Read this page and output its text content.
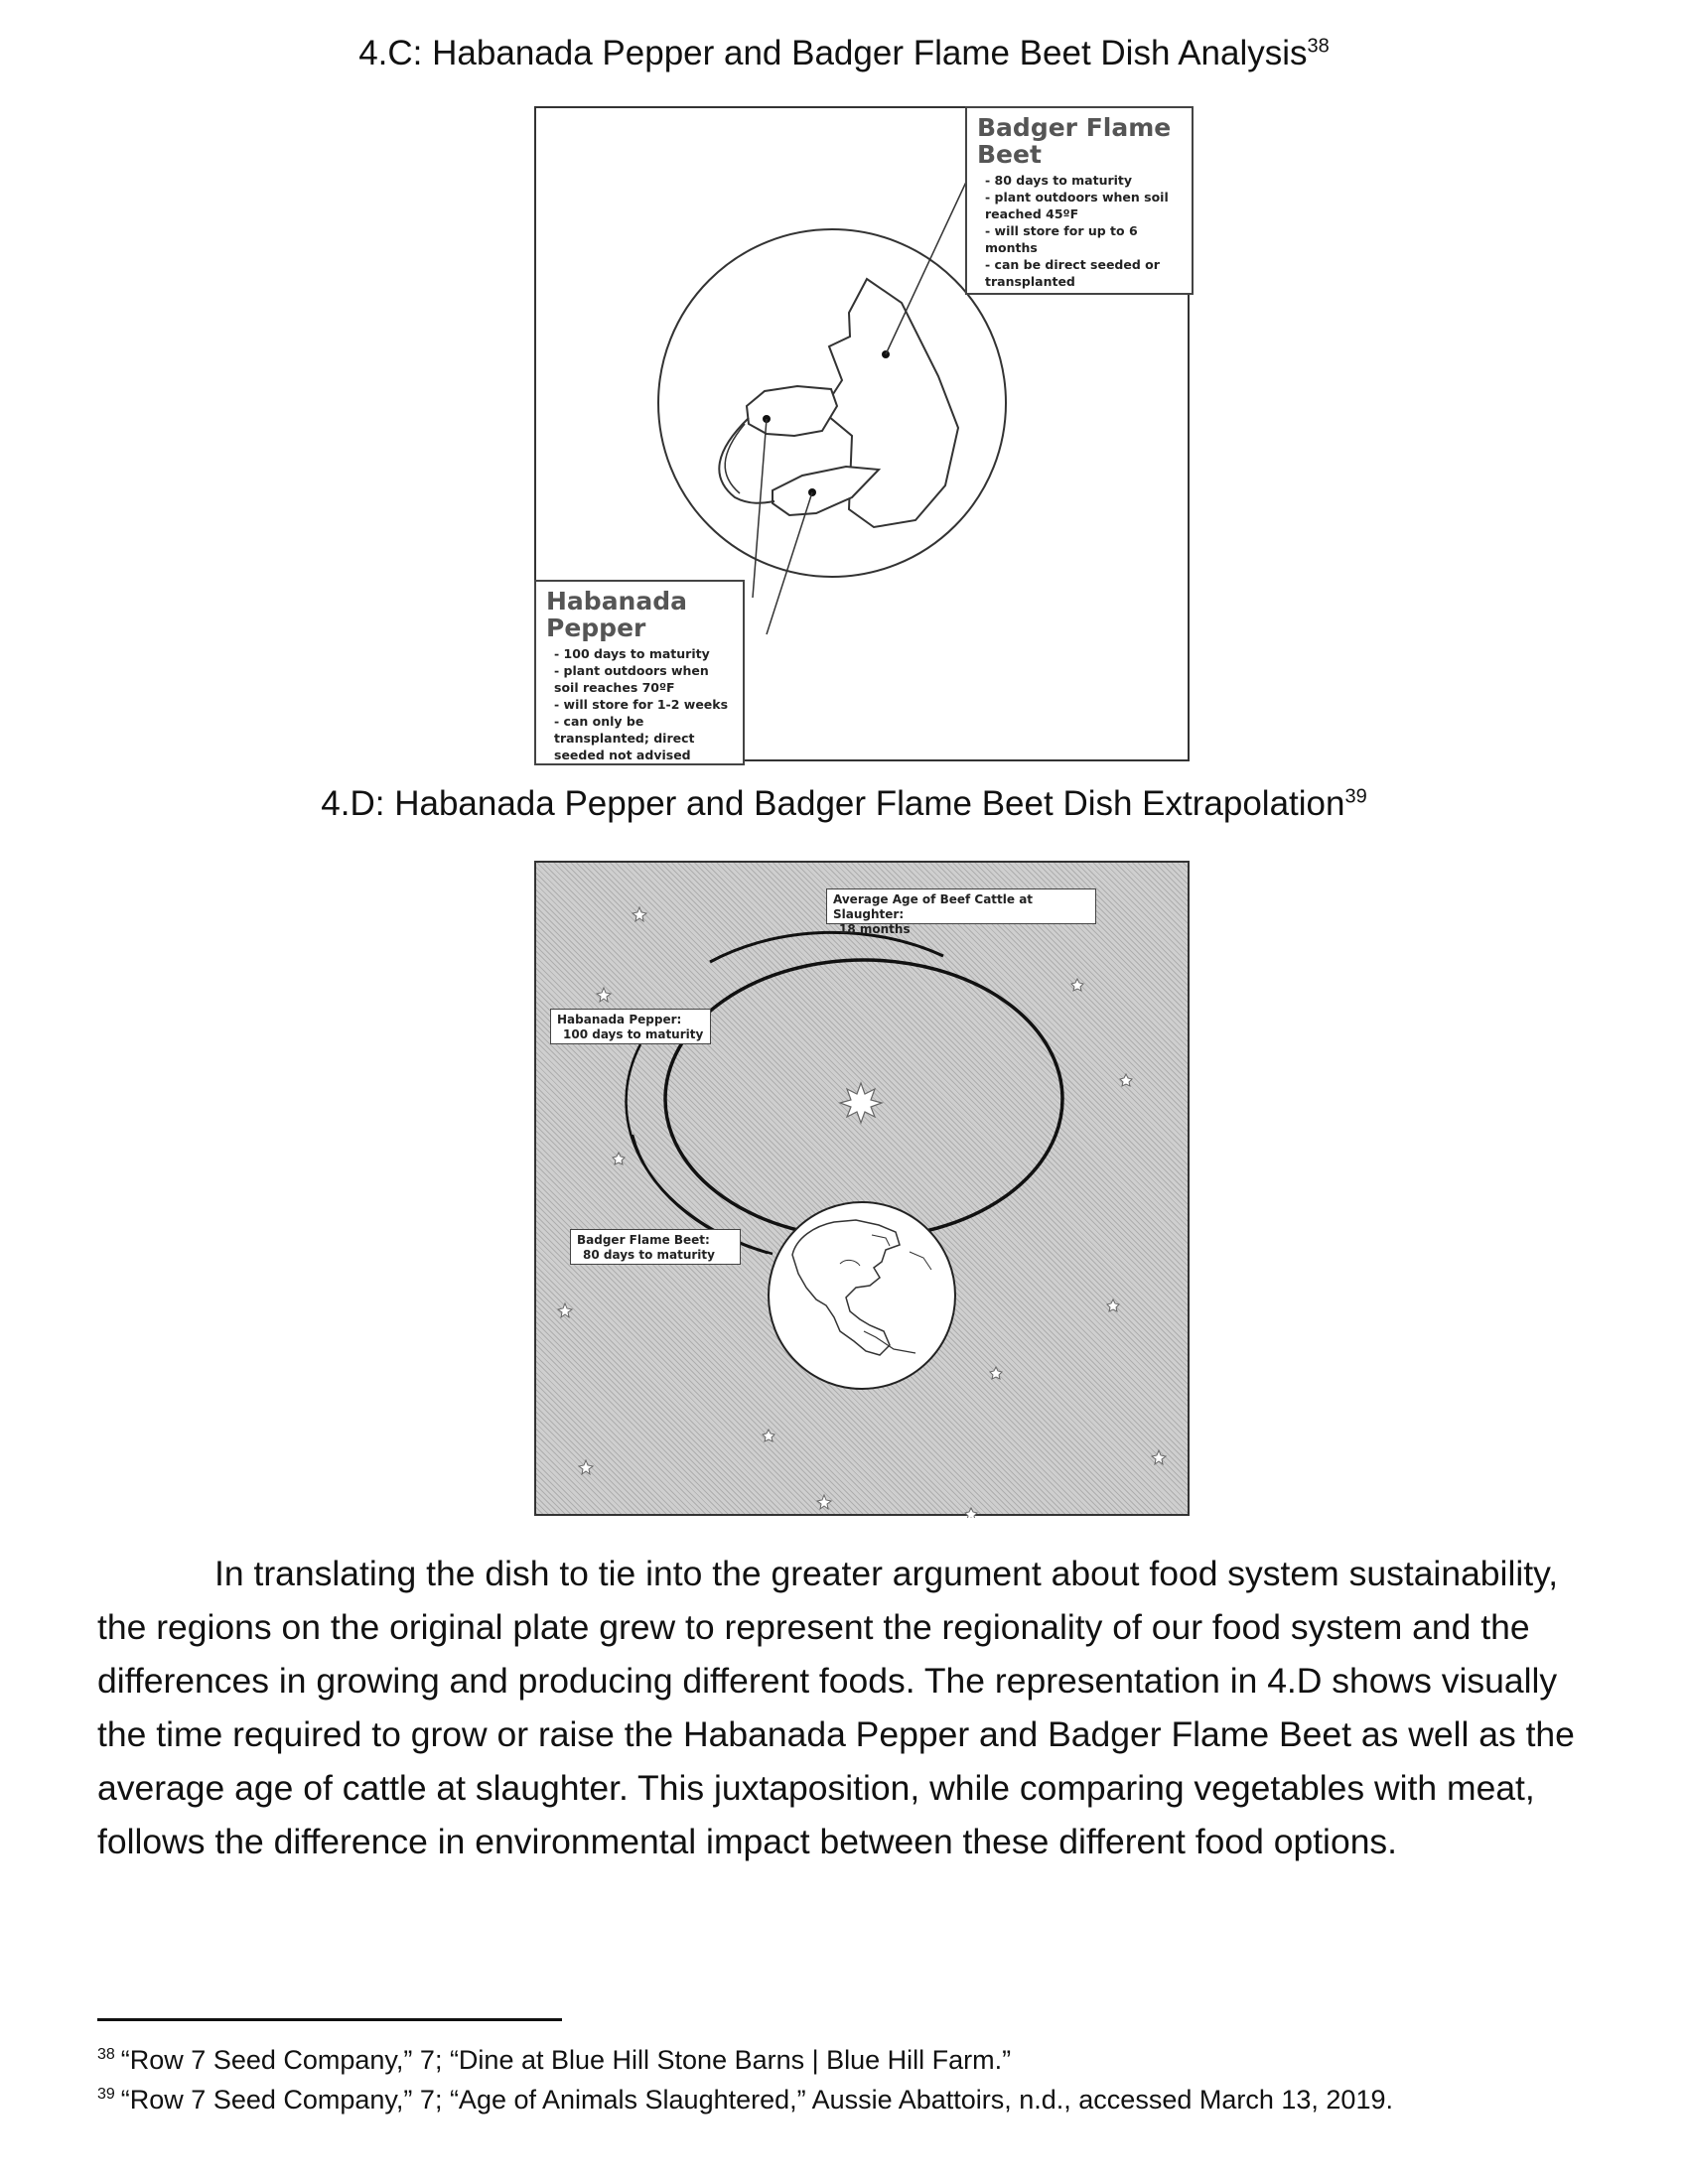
4.C: Habanada Pepper and Badger Flame Beet Dish Analysis$^{38}$
Badger Flame
Beet
- 80 days to maturity
- plant outdoors when soil reached 45ºF
- will store for up to 6 months
- can be direct seeded or transplanted
Habanada
Pepper
- 100 days to maturity
- plant outdoors when soil reaches 70ºF
- will store for 1-2 weeks
- can only be transplanted; direct seeded not advised
4.D: Habanada Pepper and Badger Flame Beet Dish Extrapolation$^{39}$
Average Age of Beef Cattle at Slaughter:
18 months
Habanada Pepper:
100 days to maturity
Badger Flame Beet:
80 days to maturity

In translating the dish to tie into the greater argument about food system sustainability, the regions on the original plate grew to represent the regionality of our food system and the differences in growing and producing different foods. The representation in 4.D shows visually the time required to grow or raise the Habanada Pepper and Badger Flame Beet as well as the average age of cattle at slaughter. This juxtaposition, while comparing vegetables with meat, follows the difference in environmental impact between these different food options.

$^{38}$ “Row 7 Seed Company,” 7; “Dine at Blue Hill Stone Barns | Blue Hill Farm.”
$^{39}$ “Row 7 Seed Company,” 7; “Age of Animals Slaughtered,” Aussie Abattoirs, n.d., accessed March 13, 2019.
